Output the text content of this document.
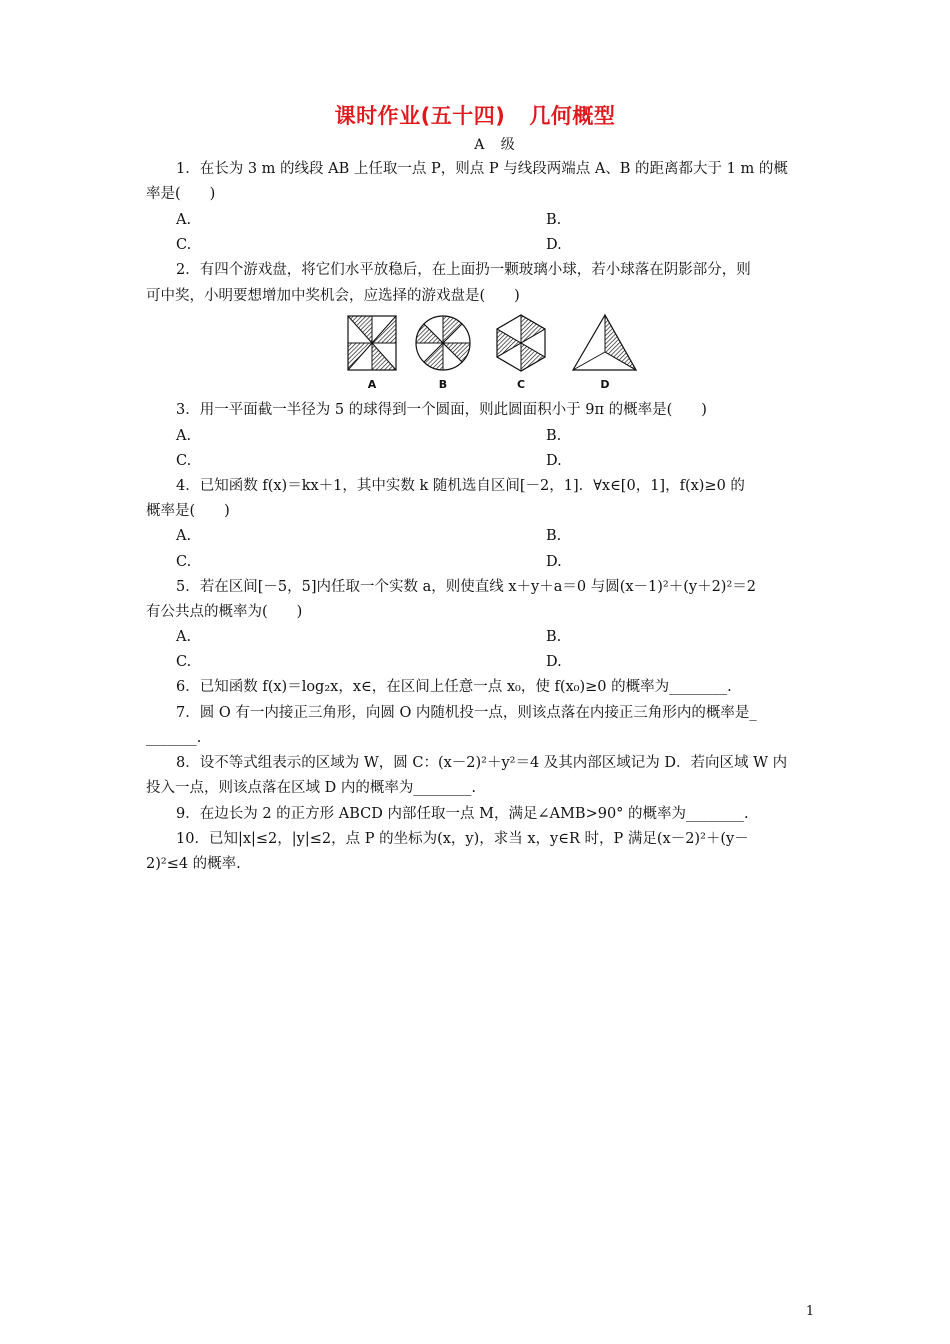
课时作业(五十四) 几何概型
A 级
1．在长为 3 m 的线段 AB 上任取一点 P，则点 P 与线段两端点 A、B 的距离都大于 1 m 的概
率是(　　)
A.	B.
C.	D.
2．有四个游戏盘，将它们水平放稳后，在上面扔一颗玻璃小球，若小球落在阴影部分，则
可中奖，小明要想增加中奖机会，应选择的游戏盘是(　　)
A	B	C	D
3．用一平面截一半径为 5 的球得到一个圆面，则此圆面积小于 9π 的概率是(　　)
A.	B.
C.	D.
4．已知函数 f(x)＝kx＋1，其中实数 k 随机选自区间[－2，1]．∀x∈[0，1]，f(x)≥0 的
概率是(　　)
A.	B.
C.	D.
5．若在区间[－5，5]内任取一个实数 a，则使直线 x＋y＋a＝0 与圆(x－1)²＋(y＋2)²＝2
有公共点的概率为(　　)
A.	B.
C.	D.
6．已知函数 f(x)＝log₂x，x∈，在区间上任意一点 x₀，使 f(x₀)≥0 的概率为________.
7．圆 O 有一内接正三角形，向圆 O 内随机投一点，则该点落在内接正三角形内的概率是_
_______.
8．设不等式组表示的区域为 W，圆 C：(x－2)²＋y²＝4 及其内部区域记为 D．若向区域 W 内
投入一点，则该点落在区域 D 内的概率为________.
9．在边长为 2 的正方形 ABCD 内部任取一点 M，满足∠AMB>90° 的概率为________.
10．已知|x|≤2，|y|≤2，点 P 的坐标为(x，y)，求当 x，y∈R 时，P 满足(x－2)²＋(y－
2)²≤4 的概率.
1
